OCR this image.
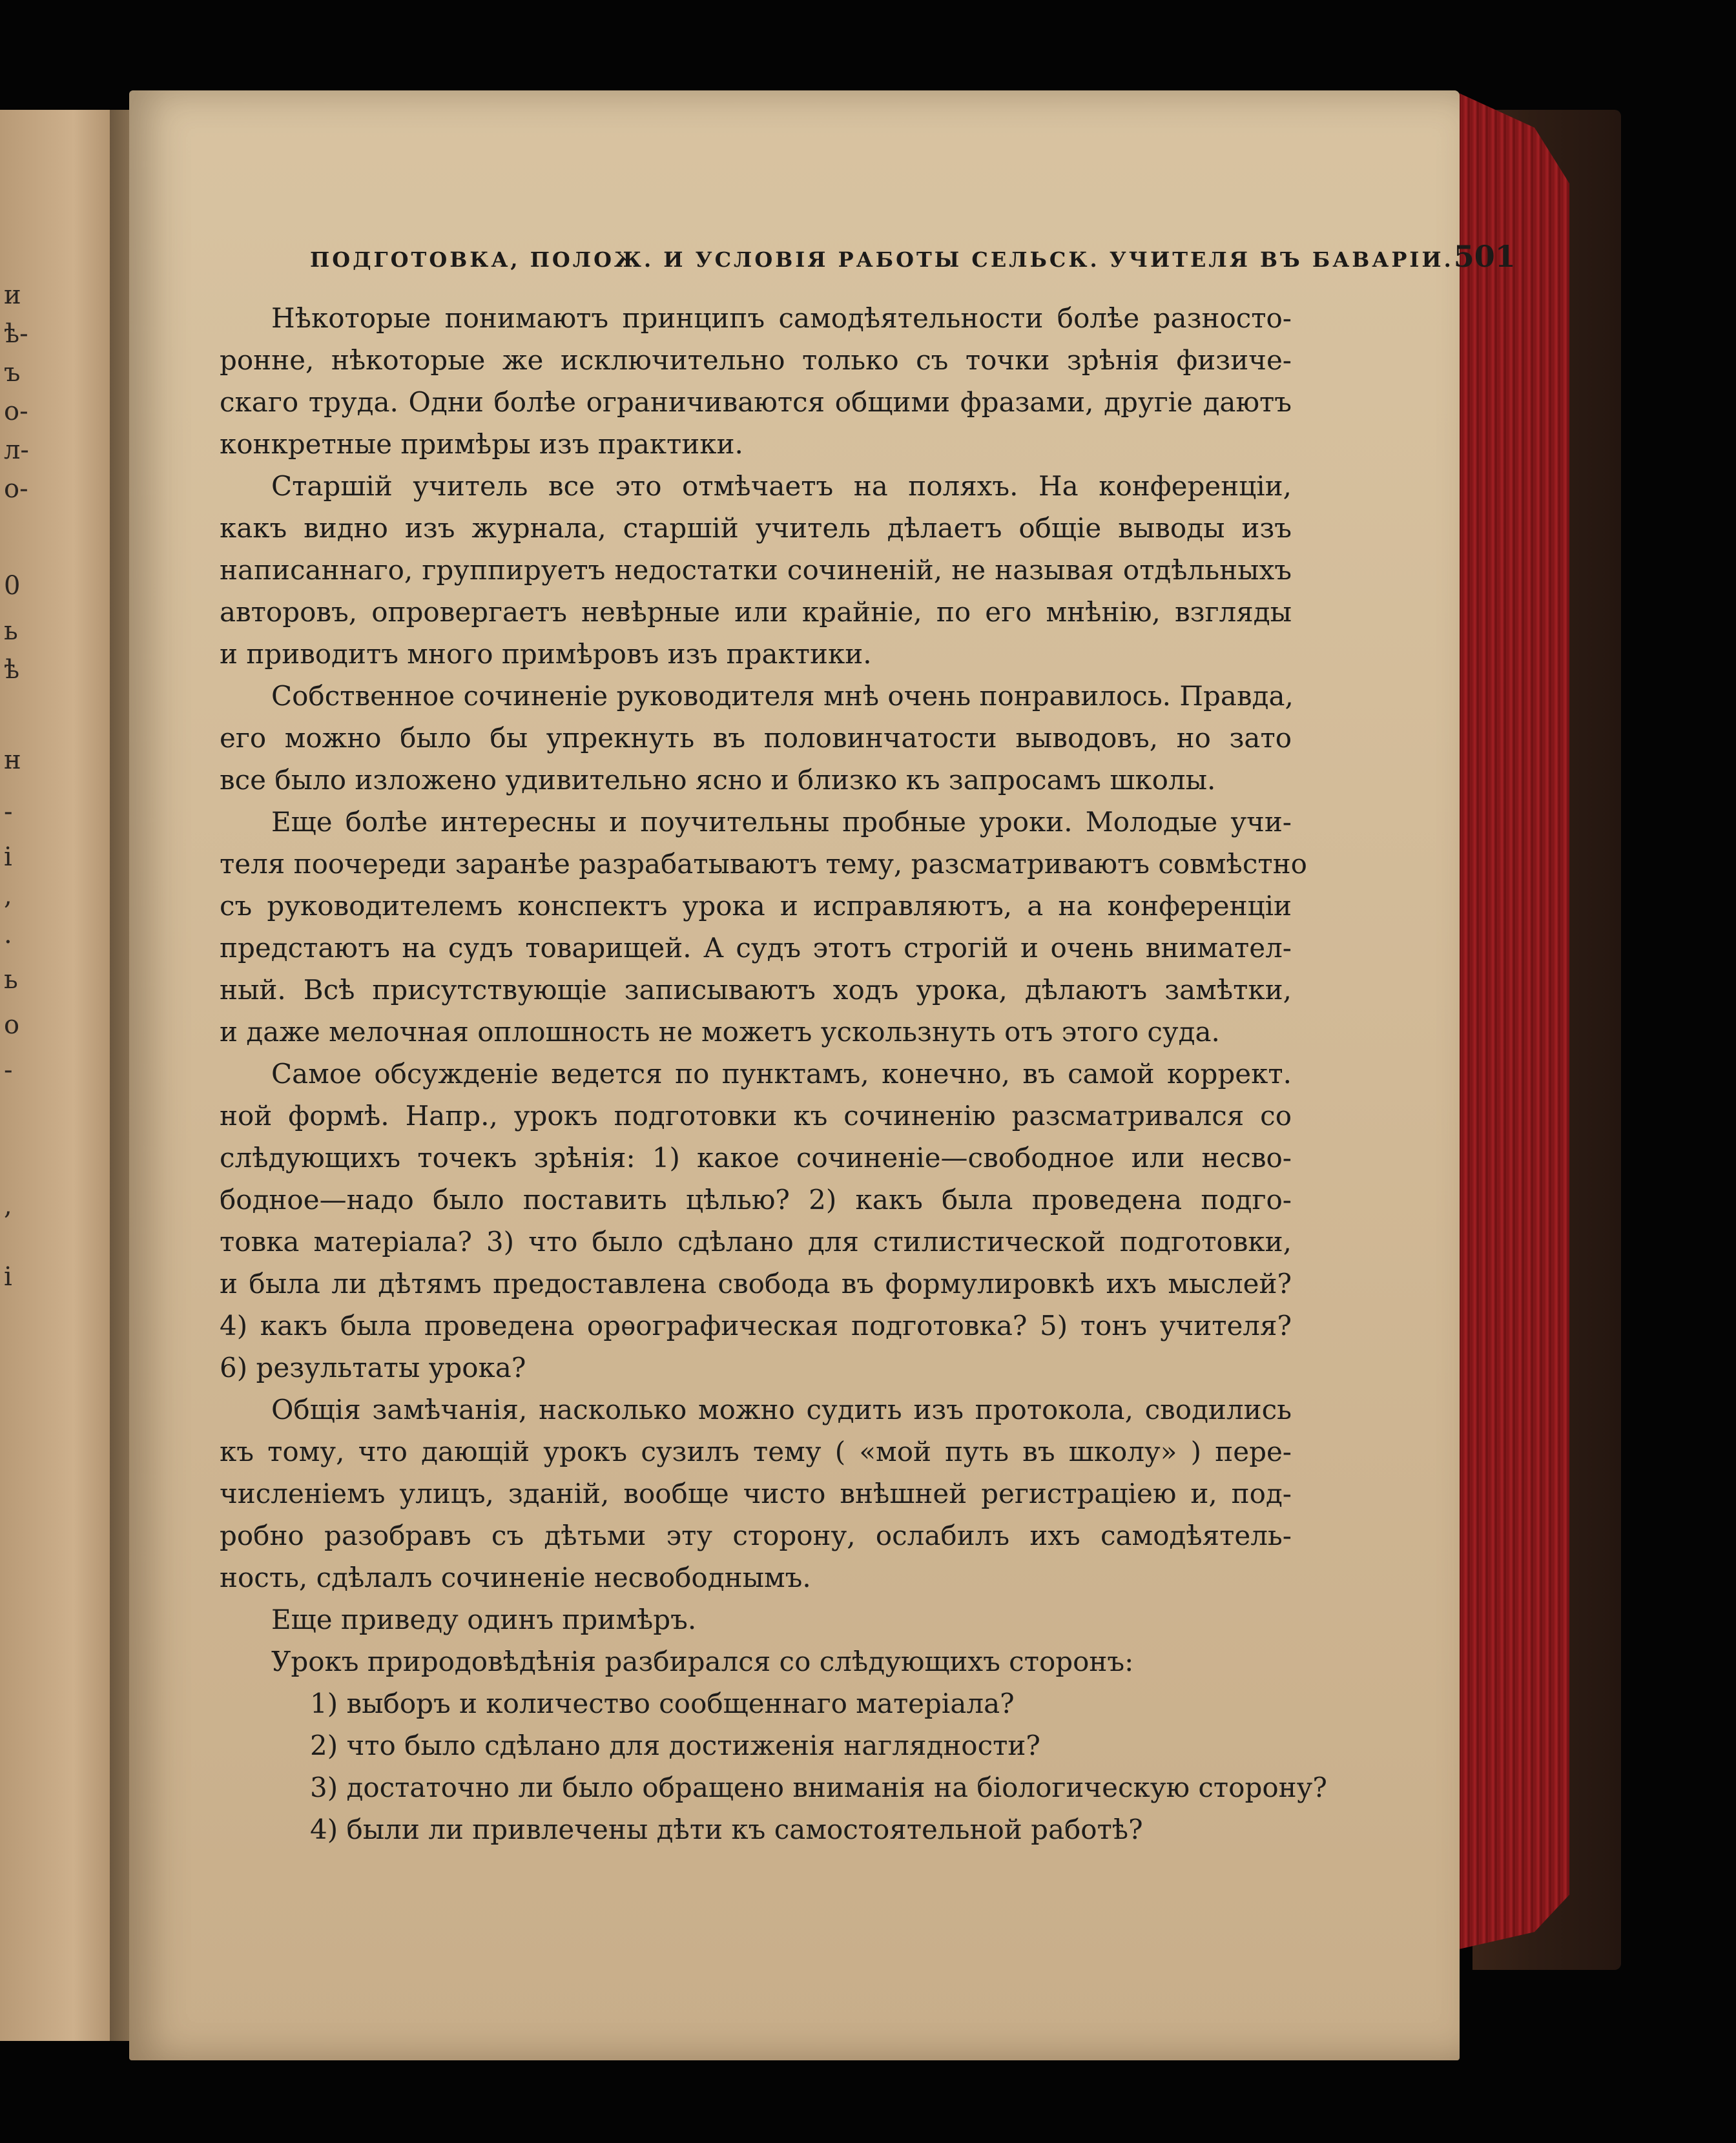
и
ѣ-
ъ
о-
л-
о-
0
ь
ѣ
н
-
і
,
.
ь
о
-
,
і
ПОДГОТОВКА, ПОЛОЖ. И УСЛОВІЯ РАБОТЫ СЕЛЬСК. УЧИТЕЛЯ ВЪ БАВАРІИ. 501
Нѣкоторые понимаютъ принципъ самодѣятельности болѣе разносто-
ронне, нѣкоторые же исключительно только съ точки зрѣнія физиче-
скаго труда. Одни болѣе ограничиваются общими фразами, другіе даютъ
конкретные примѣры изъ практики.
Старшій учитель все это отмѣчаетъ на поляхъ. На конференціи,
какъ видно изъ журнала, старшій учитель дѣлаетъ общіе выводы изъ
написаннаго, группируетъ недостатки сочиненій, не называя отдѣльныхъ
авторовъ, опровергаетъ невѣрные или крайніе, по его мнѣнію, взгляды
и приводитъ много примѣровъ изъ практики.
Собственное сочиненіе руководителя мнѣ очень понравилось. Правда,
его можно было бы упрекнуть въ половинчатости выводовъ, но зато
все было изложено удивительно ясно и близко къ запросамъ школы.
Еще болѣе интересны и поучительны пробные уроки. Молодые учи-
теля поочереди заранѣе разрабатываютъ тему, разсматриваютъ совмѣстно
съ руководителемъ конспектъ урока и исправляютъ, а на конференціи
предстаютъ на судъ товарищей. А судъ этотъ строгій и очень внимател-
ный. Всѣ присутствующіе записываютъ ходъ урока, дѣлаютъ замѣтки,
и даже мелочная оплошность не можетъ ускользнуть отъ этого суда.
Самое обсужденіе ведется по пунктамъ, конечно, въ самой коррект.
ной формѣ. Напр., урокъ подготовки къ сочиненію разсматривался со
слѣдующихъ точекъ зрѣнія: 1) какое сочиненіе—свободное или несво-
бодное—надо было поставить цѣлью? 2) какъ была проведена подго-
товка матеріала? 3) что было сдѣлано для стилистической подготовки,
и была ли дѣтямъ предоставлена свобода въ формулировкѣ ихъ мыслей?
4) какъ была проведена орѳографическая подготовка? 5) тонъ учителя?
6) результаты урока?
Общія замѣчанія, насколько можно судить изъ протокола, сводились
къ тому, что дающій урокъ сузилъ тему ( «мой путь въ школу» ) пере-
численіемъ улицъ, зданій, вообще чисто внѣшней регистраціею и, под-
робно разобравъ съ дѣтьми эту сторону, ослабилъ ихъ самодѣятель-
ность, сдѣлалъ сочиненіе несвободнымъ.
Еще приведу одинъ примѣръ.
Урокъ природовѣдѣнія разбирался со слѣдующихъ сторонъ:
1) выборъ и количество сообщеннаго матеріала?
2) что было сдѣлано для достиженія наглядности?
3) достаточно ли было обращено вниманія на біологическую сторону?
4) были ли привлечены дѣти къ самостоятельной работѣ?
